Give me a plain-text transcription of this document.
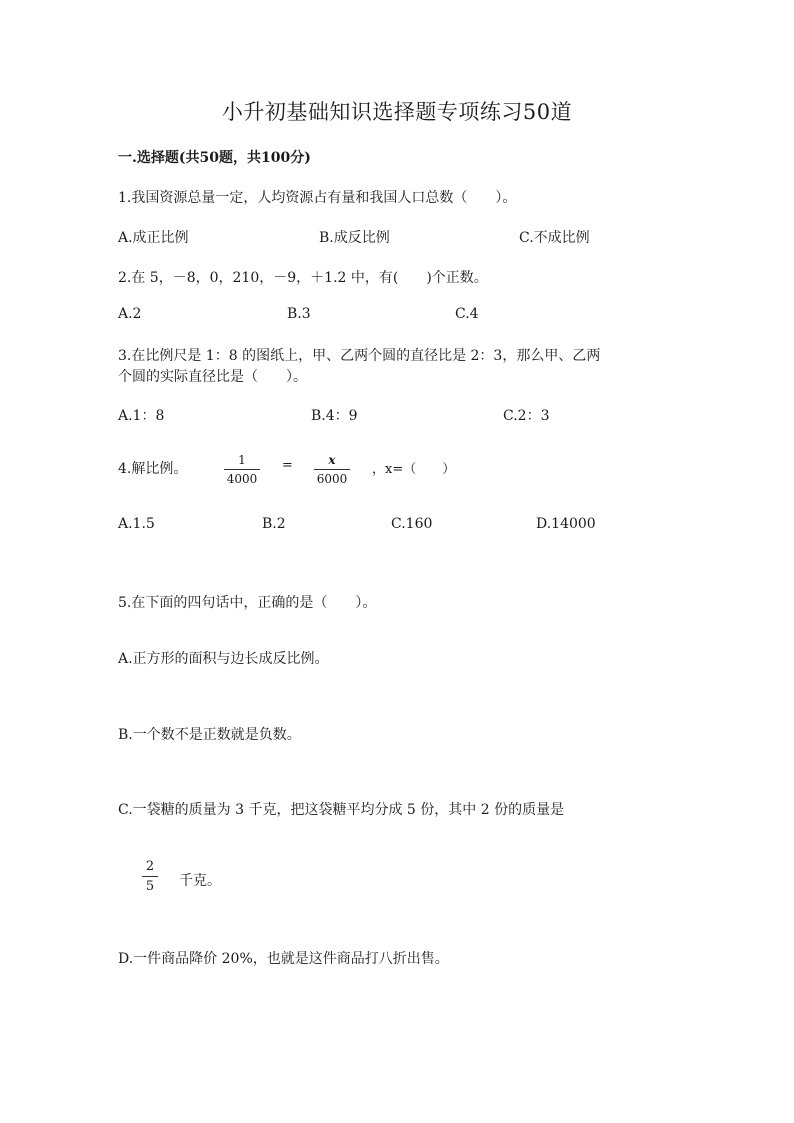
小升初基础知识选择题专项练习50道
一.选择题(共50题，共100分)
1.我国资源总量一定，人均资源占有量和我国人口总数（　　）。
A.成正比例	B.成反比例	C.不成比例
2.在 5，－8，0，210，－9，＋1.2 中，有(　　)个正数。
A.2	B.3	C.4
3.在比例尺是 1：8 的图纸上，甲、乙两个圆的直径比是 2：3，那么甲、乙两
个圆的实际直径比是（　　）。
A.1：8	B.4：9	C.2：3
4.解比例。
1
4000
=	x
6000
，x=（　　）
A.1.5	B.2	C.160	D.14000
5.在下面的四句话中，正确的是（　　）。
A.正方形的面积与边长成反比例。
B.一个数不是正数就是负数。
C.一袋糖的质量为 3 千克，把这袋糖平均分成 5 份，其中 2 份的质量是
2
5 千克。
D.一件商品降价 20%，也就是这件商品打八折出售。
